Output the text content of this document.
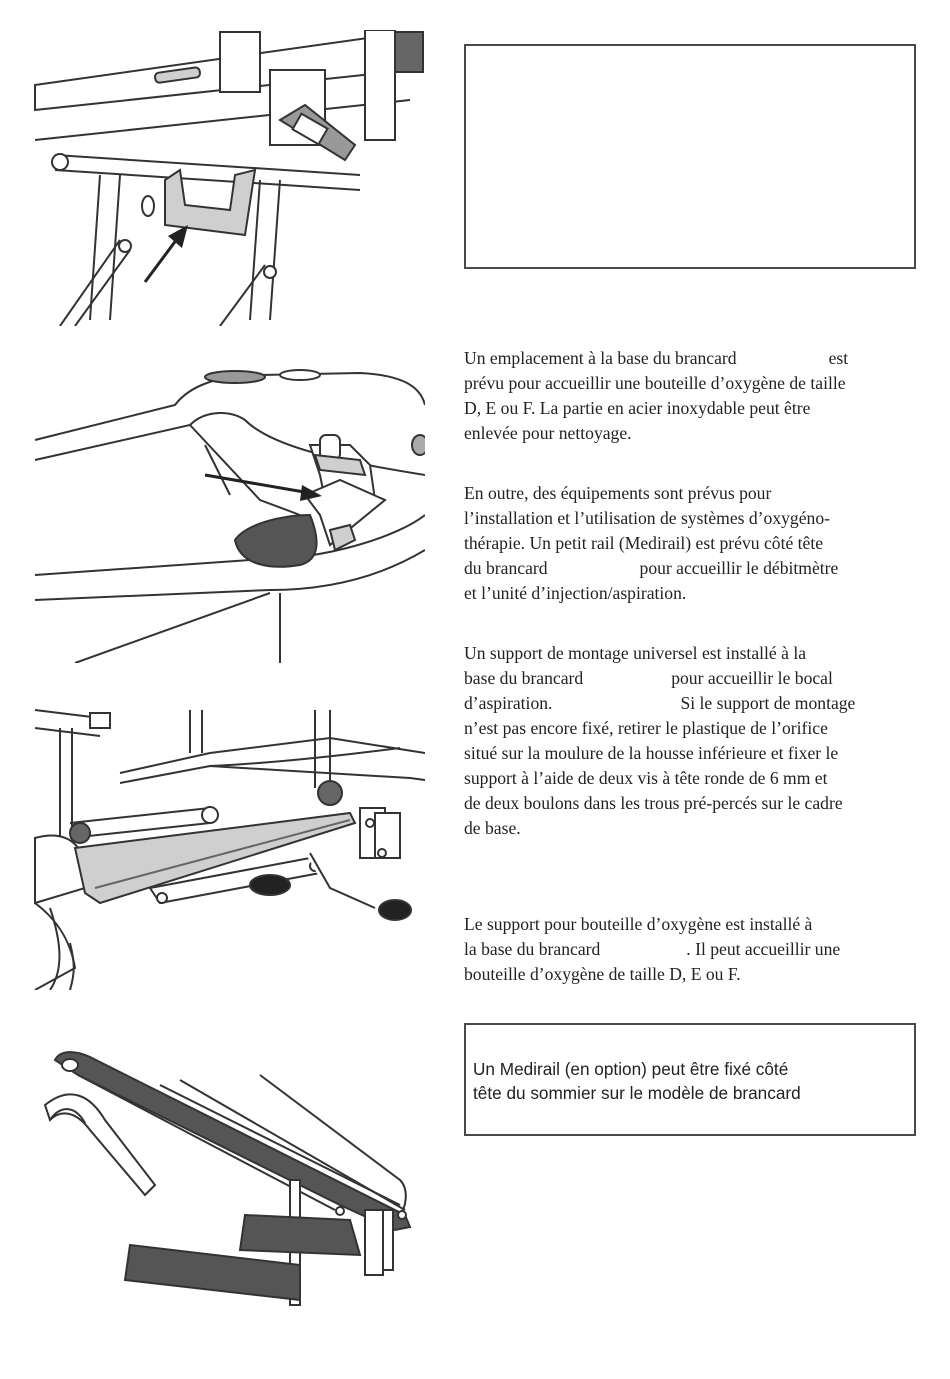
Un emplacement à la base du brancard	est
prévu pour accueillir une bouteille d’oxygène de taille
D, E ou F. La partie en acier inoxydable peut être
enlevée pour nettoyage.
En outre, des équipements sont prévus pour
l’installation et l’utilisation de systèmes d’oxygéno-
thérapie. Un petit rail (Medirail) est prévu côté tête
du brancard	pour accueillir le débitmètre
et l’unité d’injection/aspiration.
Un support de montage universel est installé à la
base du brancard	pour accueillir le bocal
d’aspiration.	Si le support de montage
n’est pas encore fixé, retirer le plastique de l’orifice
situé sur la moulure de la housse inférieure et fixer le
support à l’aide de deux vis à tête ronde de 6 mm et
de deux boulons dans les trous pré-percés sur le cadre
de base.
Le support pour bouteille d’oxygène est installé à
la base du brancard	. Il peut accueillir une
bouteille d’oxygène de taille D, E ou F.
Un Medirail (en option) peut être fixé côté
tête du sommier sur le modèle de brancard
